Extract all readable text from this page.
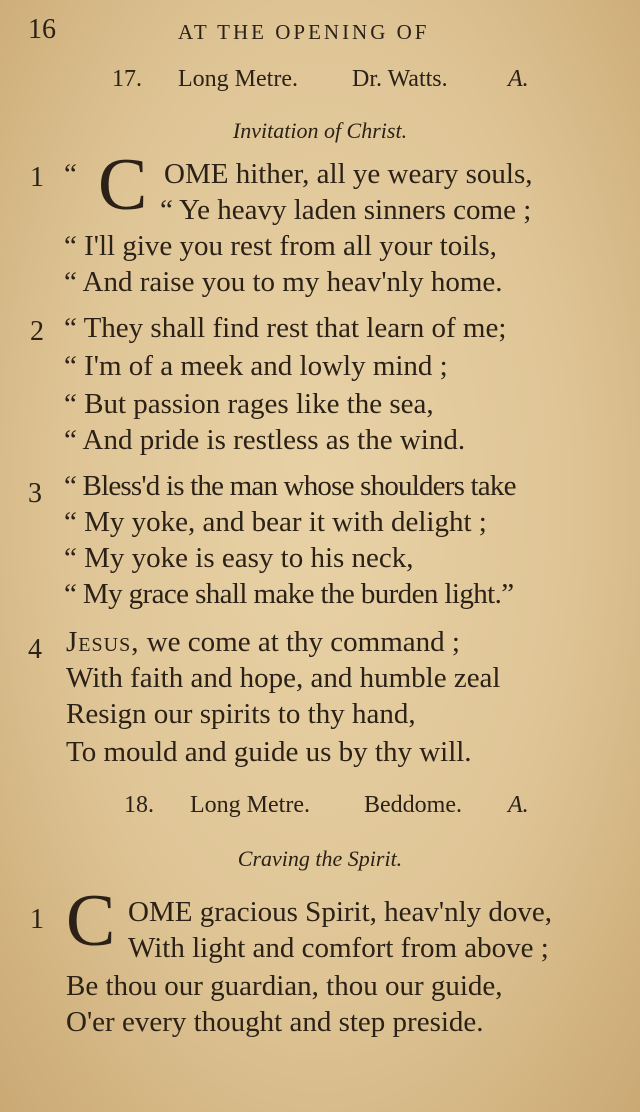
16	AT THE OPENING OF
17. Long Metre. Dr. Watts.	A.
Invitation of Christ.
1 “ C OME hither, all ye weary souls,
“ Ye heavy laden sinners come ;
“ I'll give you rest from all your toils,
“ And raise you to my heav'nly home.
2 “ They shall find rest that learn of me;
“ I'm of a meek and lowly mind ;
“ But passion rages like the sea,
“ And pride is restless as the wind.
3 “ Bless'd is the man whose shoulders take
“ My yoke, and bear it with delight ;
“ My yoke is easy to his neck,
“ My grace shall make the burden light.”
4 Jesus, we come at thy command ;
With faith and hope, and humble zeal
Resign our spirits to thy hand,
To mould and guide us by thy will.
18. Long Metre. Beddome. A.
Craving the Spirit.
1 C OME gracious Spirit, heav'nly dove,
With light and comfort from above ;
Be thou our guardian, thou our guide,
O'er every thought and step preside.
